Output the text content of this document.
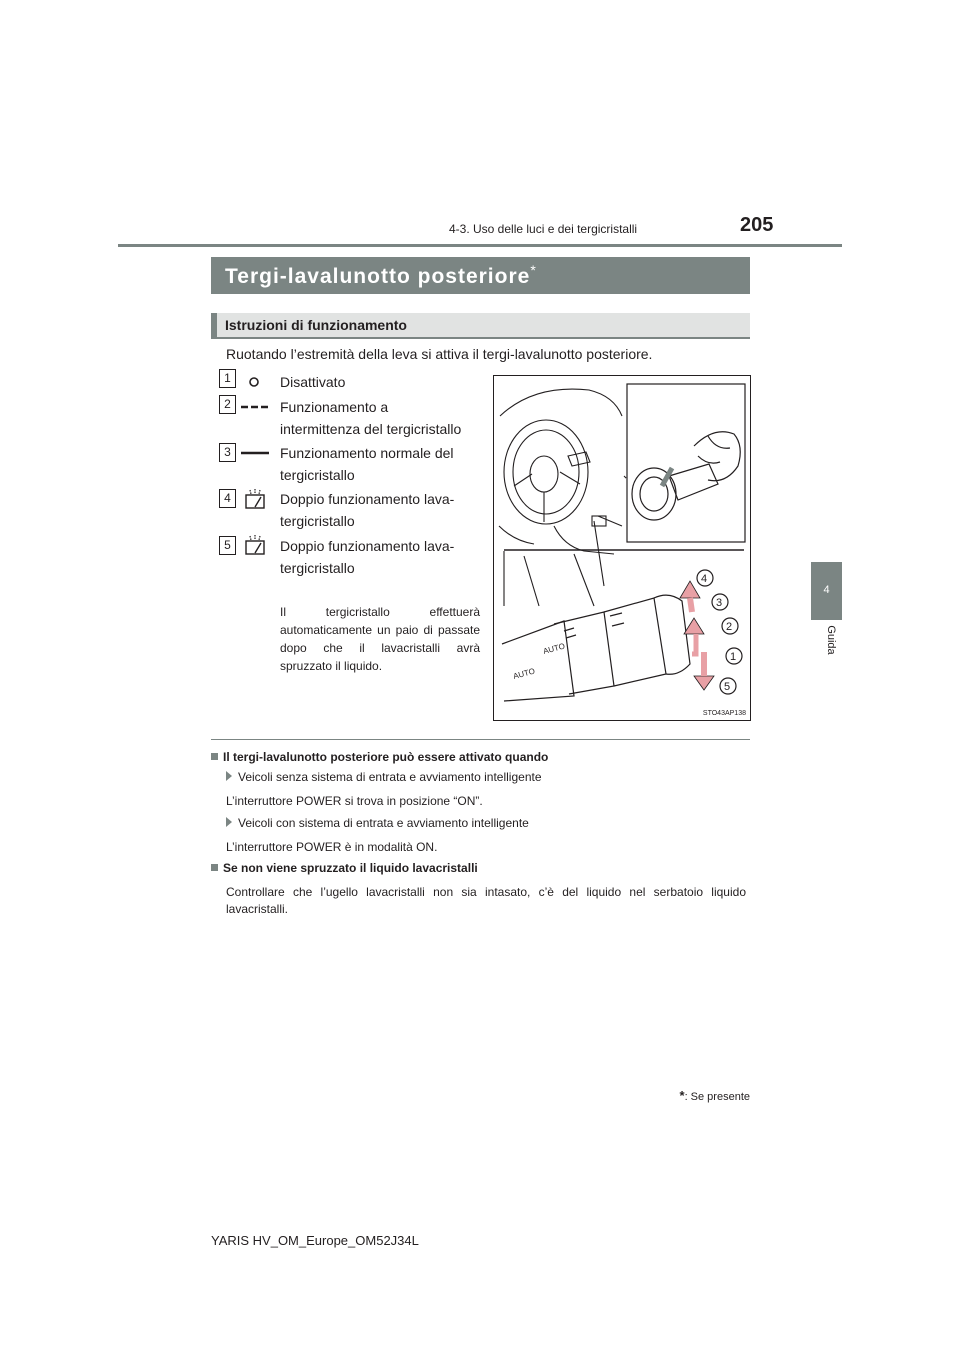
4-3. Uso delle luci e dei tergicristalli	205
4
Guida
Tergi-lavalunotto posteriore*
Istruzioni di funzionamento
Ruotando l’estremità della leva si attiva il tergi-lavalunotto posteriore.
1	Disattivato
2	Funzionamento a
intermittenza del tergicristallo
3	Funzionamento normale del
tergicristallo
4	Doppio funzionamento lava-
tergicristallo
5	Doppio funzionamento lava-
tergicristallo
Il tergicristallo effettuerà automaticamente un paio di passate dopo che il lavacristalli avrà spruzzato il liquido.
AUTO
AUTO
4
3
2
1
5
STO43AP138
Il tergi-lavalunotto posteriore può essere attivato quando
Veicoli senza sistema di entrata e avviamento intelligente
L’interruttore POWER si trova in posizione “ON”.
Veicoli con sistema di entrata e avviamento intelligente
L’interruttore POWER è in modalità ON.
Se non viene spruzzato il liquido lavacristalli
Controllare che l’ugello lavacristalli non sia intasato, c’è del liquido nel serbatoio liquido lavacristalli.
*: Se presente
YARIS HV_OM_Europe_OM52J34L
